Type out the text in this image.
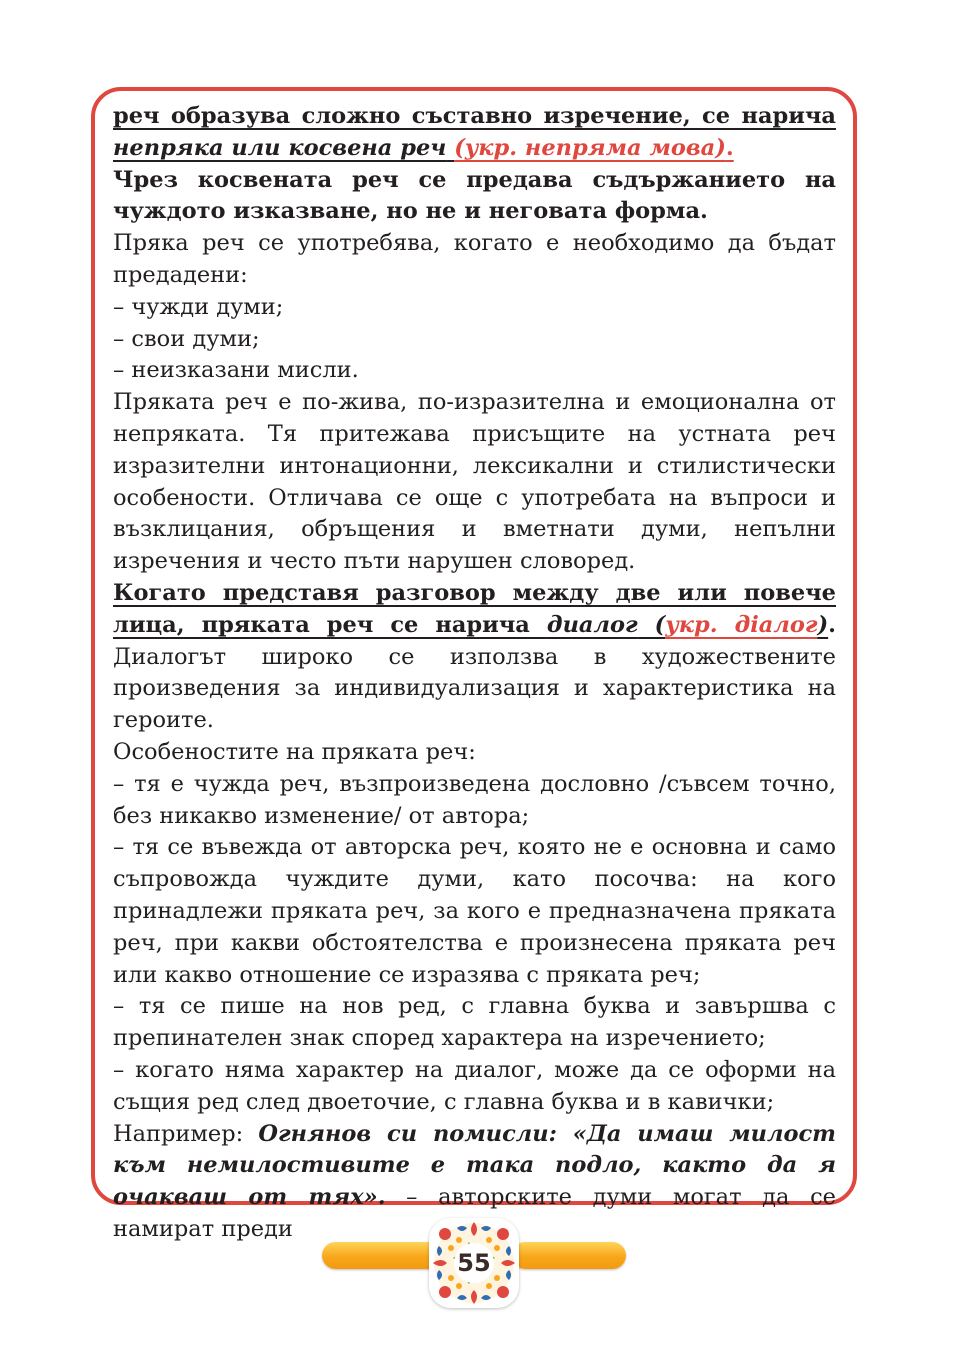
реч образува сложно съставно изречение, се нарича непряка или косвена реч (укр. непряма мова).

Чрез косвената реч се предава съдържанието на чуждото изказване, но не и неговата форма.

Пряка реч се употребява, когато е необходимо да бъдат предадени:

– чужди думи;

– свои думи;

– неизказани мисли.

Пряката реч е по-жива, по-изразителна и емоционална от непряката. Тя притежава присъщите на устната реч изразителни интонационни, лексикални и стилистически особености. Отличава се още с употребата на въпроси и възклицания, обръщения и вметнати думи, непълни изречения и често пъти нарушен словоред.

Когато представя разговор между две или повече лица, пряката реч се нарича диалог (укр. діалог). Диалогът широко се използва в художествените произведения за индивидуализация и характеристика на героите.

Особеностите на пряката реч:

– тя е чужда реч, възпроизведена дословно /съвсем точно, без никакво изменение/ от автора;

– тя се въвежда от авторска реч, която не е основна и само съпровожда чуждите думи, като посочва: на кого принадлежи пряката реч, за кого е предназначена пряката реч, при какви обстоятелства е произнесена пряката реч или какво отношение се изразява с пряката реч;

– тя се пише на нов ред, с главна буква и завършва с препинателен знак според характера на изречението;

– когато няма характер на диалог, може да се оформи на същия ред след двоеточие, с главна буква и в кавички;

Например: Огнянов си помисли: «Да имаш милост към немилостивите е така подло, както да я очакваш от тях». – авторските думи могат да се намират преди

55
